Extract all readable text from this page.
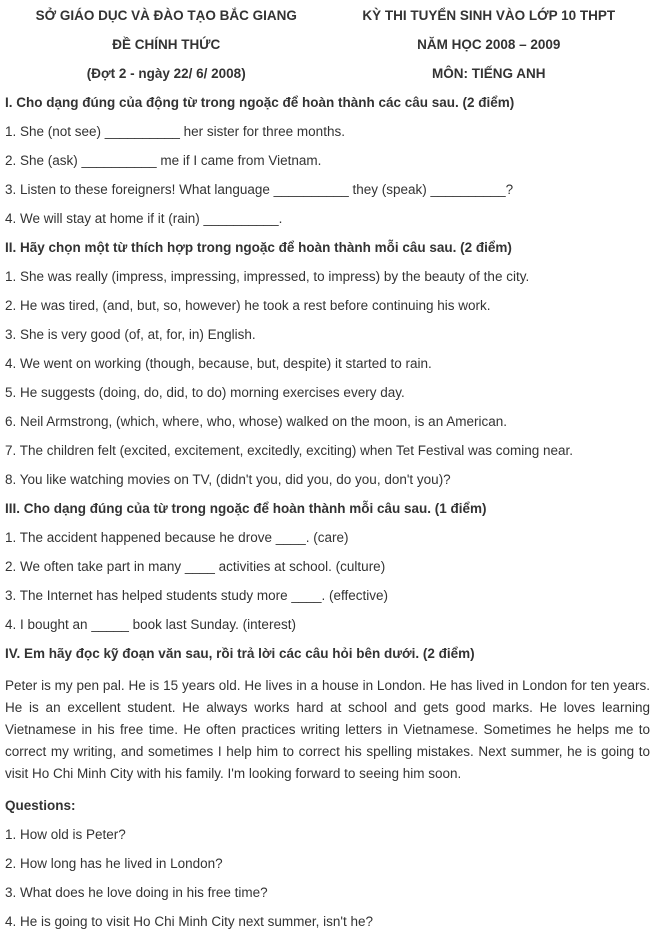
SỞ GIÁO DỤC VÀ ĐÀO TẠO BẮC GIANG

ĐỀ CHÍNH THỨC

(Đợt 2 - ngày 22/ 6/ 2008)

KỲ THI TUYỂN SINH VÀO LỚP 10 THPT

NĂM HỌC 2008 – 2009

MÔN: TIẾNG ANH

I. Cho dạng đúng của động từ trong ngoặc để hoàn thành các câu sau. (2 điểm)

1. She (not see) __________ her sister for three months.

2. She (ask) __________ me if I came from Vietnam.

3. Listen to these foreigners! What language __________ they (speak) __________?

4. We will stay at home if it (rain) __________.

II. Hãy chọn một từ thích hợp trong ngoặc để hoàn thành mỗi câu sau. (2 điểm)

1. She was really (impress, impressing, impressed, to impress) by the beauty of the city.

2. He was tired, (and, but, so, however) he took a rest before continuing his work.

3. She is very good (of, at, for, in) English.

4. We went on working (though, because, but, despite) it started to rain.

5. He suggests (doing, do, did, to do) morning exercises every day.

6. Neil Armstrong, (which, where, who, whose) walked on the moon, is an American.

7. The children felt (excited, excitement, excitedly, exciting) when Tet Festival was coming near.

8. You like watching movies on TV, (didn't you, did you, do you, don't you)?

III. Cho dạng đúng của từ trong ngoặc để hoàn thành mỗi câu sau. (1 điểm)

1. The accident happened because he drove ____. (care)

2. We often take part in many ____ activities at school. (culture)

3. The Internet has helped students study more ____. (effective)

4. I bought an _____ book last Sunday. (interest)

IV. Em hãy đọc kỹ đoạn văn sau, rồi trả lời các câu hỏi bên dưới. (2 điểm)

Peter is my pen pal. He is 15 years old. He lives in a house in London. He has lived in London for ten years. He is an excellent student. He always works hard at school and gets good marks. He loves learning Vietnamese in his free time. He often practices writing letters in Vietnamese. Sometimes he helps me to correct my writing, and sometimes I help him to correct his spelling mistakes. Next summer, he is going to visit Ho Chi Minh City with his family. I'm looking forward to seeing him soon.

Questions:

1. How old is Peter?

2. How long has he lived in London?

3. What does he love doing in his free time?

4. He is going to visit Ho Chi Minh City next summer, isn't he?
